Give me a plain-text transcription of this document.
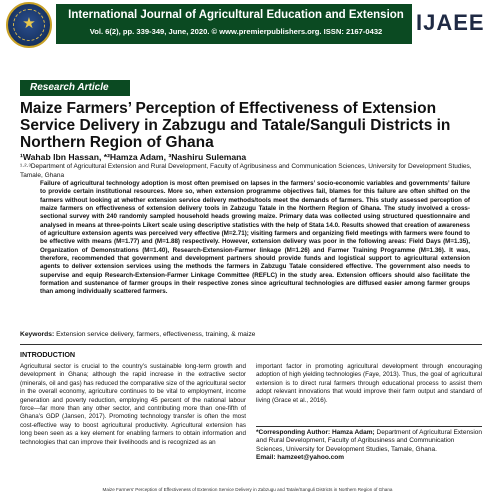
★	International Journal of Agricultural Education and Extension
Vol. 6(2), pp. 339-349, June, 2020. © www.premierpublishers.org. ISSN: 2167-0432	IJAEE
Research Article
Maize Farmers’ Perception of Effectiveness of Extension Service Delivery in Zabzugu and Tatale/Sanguli Districts in Northern Region of Ghana
¹Wahab Ibn Hassan, *²Hamza Adam, ³Nashiru Sulemana
¹·²·³Department of Agricultural Extension and Rural Development, Faculty of Agribusiness and Communication Sciences, University for Development Studies, Tamale, Ghana

Failure of agricultural technology adoption is most often premised on lapses in the farmers’ socio-economic variables and governments’ failure to provide certain institutional resources. More so, when extension programme objectives fail, blames for this failure are often shifted on the farmers without looking at whether extension service delivery methods/tools meet the demands of farmers. This study assessed perception of maize farmers on effectiveness of extension delivery tools in Zabzugu Tatale in the Northern Region of Ghana. The study involved a cross-sectional survey with 240 randomly sampled household heads growing maize. Primary data was collected using structured questionnaire and analysed in means at three-points Likert scale using descriptive statistics with the help of Stata 14.0. Results showed that creation of awareness of agriculture extension agents was perceived very effective (M=2.71); visiting farmers and organizing field meetings with farmers were found to be effective with means (M=1.77) and (M=1.88) respectively. However, extension delivery was poor in the following areas: Field Days (M=1.35), Organization of Demonstrations (M=1.40), Research-Extension-Farmer linkage (M=1.26) and Farmer Training Programme (M=1.36). It was, therefore, recommended that government and development partners should provide funds and logistical support to agricultural extension agents to deliver extension services using the methods the farmers in Zabzugu Tatale considered effective. The government also needs to supervise and equip Research-Extension-Farmer Linkage Committee (REFLC) in the study area. Extension officers should also facilitate the formation and sustenance of farmer groups in their respective zones since agricultural technologies are diffused easier among farmer groups than among individually scattered farmers.

Keywords: Extension service delivery, farmers, effectiveness, training, & maize
INTRODUCTION

Agricultural sector is crucial to the country’s sustainable long-term growth and development in Ghana; although the rapid increase in the extractive sector (minerals, oil and gas) has reduced the comparative size of the agricultural sector in the overall economy, agriculture continues to be vital to employment, income generation and poverty reduction, employing 45 percent of the national labour force—far more than any other sector, and contributing more than one-fifth of Ghana’s GDP (Jansen, 2017). Promoting technology transfer is often the most cost-effective way to boost agricultural productivity. Agricultural extension has long been seen as a key element for enabling farmers to obtain information and technologies that can improve their livelihoods and is recognized as an

important factor in promoting agricultural development through encouraging adoption of high yielding technologies (Faye, 2013). Thus, the goal of agricultural extension is to direct rural farmers through educational process to assist them adopt relevant innovations that would improve their farm output and standard of living (Grace et al., 2016).

*Corresponding Author: Hamza Adam; Department of Agricultural Extension and Rural Development, Faculty of Agribusiness and Communication Sciences, University for Development Studies, Tamale, Ghana.
Email: hamzeet@yahoo.com
Maize Farmers’ Perception of Effectiveness of Extension Service Delivery in Zabzugu and Tatale/Sanguli Districts in Northern Region of Ghana
